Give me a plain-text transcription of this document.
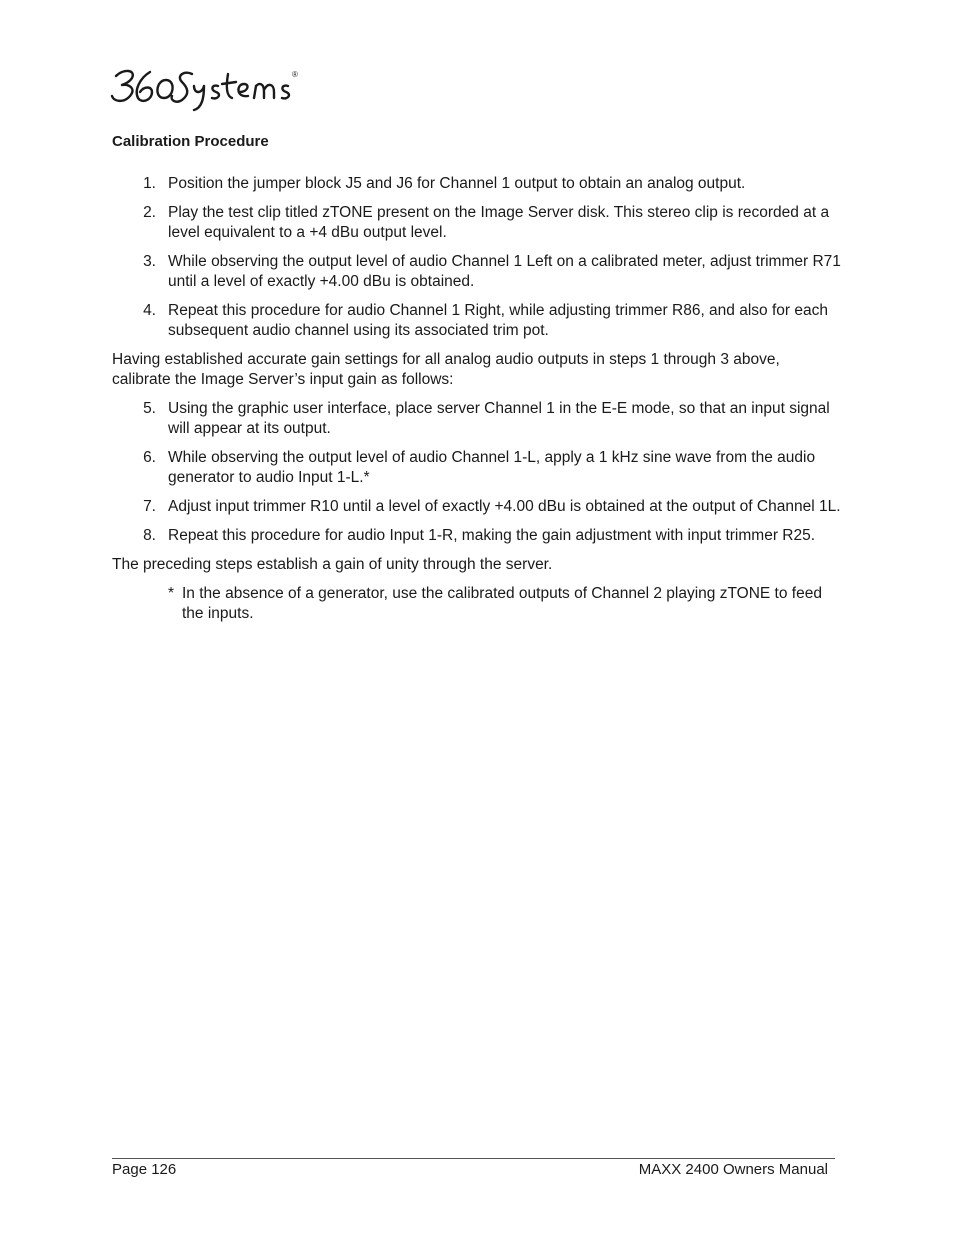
®
Calibration Procedure
1. Position the jumper block J5 and J6 for Channel 1 output to obtain an analog output.
2. Play the test clip titled zTONE present on the Image Server disk. This stereo clip is recorded at a level equivalent to a +4 dBu output level.
3. While observing the output level of audio Channel 1 Left on a calibrated meter, adjust trimmer R71 until a level of exactly +4.00 dBu is obtained.
4. Repeat this procedure for audio Channel 1 Right, while adjusting trimmer R86, and also for each subsequent audio channel using its associated trim pot.
Having established accurate gain settings for all analog audio outputs in steps 1 through 3 above, calibrate the Image Server’s input gain as follows:
5. Using the graphic user interface, place server Channel 1 in the E-E mode, so that an input signal will appear at its output.
6. While observing the output level of audio Channel 1-L, apply a 1 kHz sine wave from the audio generator to audio Input 1-L.*
7. Adjust input trimmer R10 until a level of exactly +4.00 dBu is obtained at the output of Channel 1L.
8. Repeat this procedure for audio Input 1-R, making the gain adjustment with input trimmer R25.
The preceding steps establish a gain of unity through the server.
* In the absence of a generator, use the calibrated outputs of Channel 2 playing zTONE to feed the inputs.
Page 126	MAXX 2400 Owners Manual
